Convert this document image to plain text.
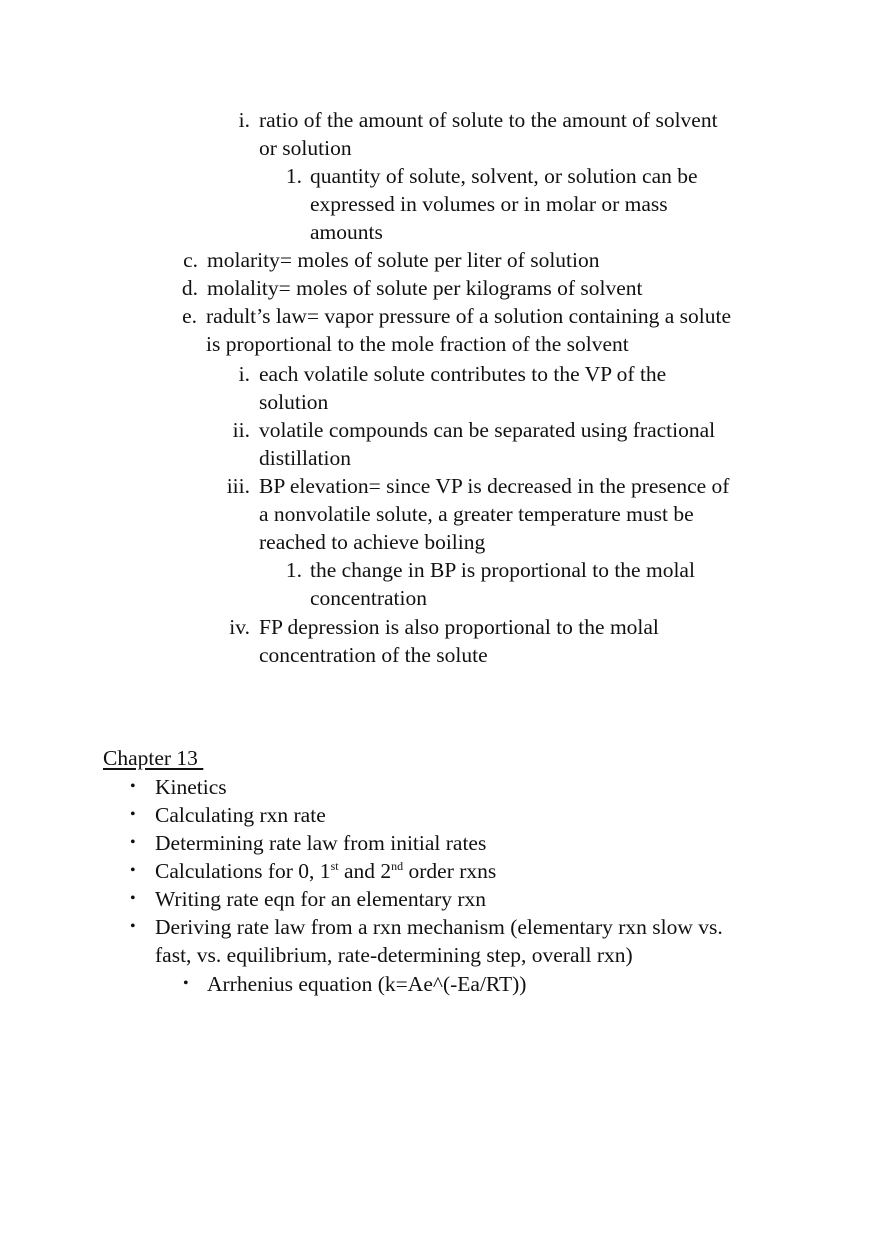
i. ratio of the amount of solute to the amount of solvent
or solution
1. quantity of solute, solvent, or solution can be
expressed in volumes or in molar or mass
amounts
c. molarity= moles of solute per liter of solution
d. molality= moles of solute per kilograms of solvent
e. radult’s law= vapor pressure of a solution containing a solute
is proportional to the mole fraction of the solvent
i. each volatile solute contributes to the VP of the
solution
ii. volatile compounds can be separated using fractional
distillation
iii. BP elevation= since VP is decreased in the presence of
a nonvolatile solute, a greater temperature must be
reached to achieve boiling
1. the change in BP is proportional to the molal
concentration
iv. FP depression is also proportional to the molal
concentration of the solute
Chapter 13
• Kinetics
• Calculating rxn rate
• Determining rate law from initial rates
• Calculations for 0, 1st and 2nd order rxns
• Writing rate eqn for an elementary rxn
• Deriving rate law from a rxn mechanism (elementary rxn slow vs.
fast, vs. equilibrium, rate-determining step, overall rxn)
• Arrhenius equation (k=Ae^(-Ea/RT))
